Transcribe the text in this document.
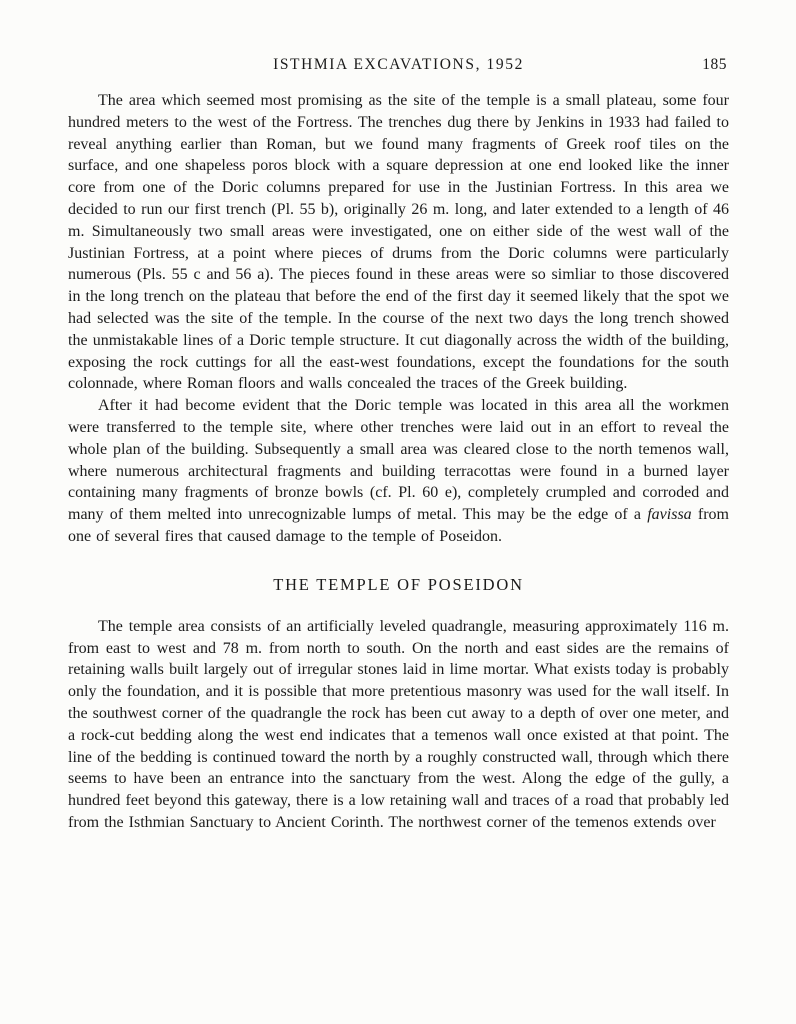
ISTHMIA EXCAVATIONS, 1952	185

The area which seemed most promising as the site of the temple is a small plateau, some four hundred meters to the west of the Fortress. The trenches dug there by Jenkins in 1933 had failed to reveal anything earlier than Roman, but we found many fragments of Greek roof tiles on the surface, and one shapeless poros block with a square depression at one end looked like the inner core from one of the Doric columns prepared for use in the Justinian Fortress. In this area we decided to run our first trench (Pl. 55 b), originally 26 m. long, and later extended to a length of 46 m. Simultaneously two small areas were investigated, one on either side of the west wall of the Justinian Fortress, at a point where pieces of drums from the Doric columns were particularly numerous (Pls. 55 c and 56 a). The pieces found in these areas were so simliar to those discovered in the long trench on the plateau that before the end of the first day it seemed likely that the spot we had selected was the site of the temple. In the course of the next two days the long trench showed the unmistakable lines of a Doric temple structure. It cut diagonally across the width of the building, exposing the rock cuttings for all the east-west foundations, except the foundations for the south colonnade, where Roman floors and walls concealed the traces of the Greek building.

After it had become evident that the Doric temple was located in this area all the workmen were transferred to the temple site, where other trenches were laid out in an effort to reveal the whole plan of the building. Subsequently a small area was cleared close to the north temenos wall, where numerous architectural fragments and building terracottas were found in a burned layer containing many fragments of bronze bowls (cf. Pl. 60 e), completely crumpled and corroded and many of them melted into unrecognizable lumps of metal. This may be the edge of a favissa from one of several fires that caused damage to the temple of Poseidon.

THE TEMPLE OF POSEIDON

The temple area consists of an artificially leveled quadrangle, measuring approximately 116 m. from east to west and 78 m. from north to south. On the north and east sides are the remains of retaining walls built largely out of irregular stones laid in lime mortar. What exists today is probably only the foundation, and it is possible that more pretentious masonry was used for the wall itself. In the southwest corner of the quadrangle the rock has been cut away to a depth of over one meter, and a rock-cut bedding along the west end indicates that a temenos wall once existed at that point. The line of the bedding is continued toward the north by a roughly constructed wall, through which there seems to have been an entrance into the sanctuary from the west. Along the edge of the gully, a hundred feet beyond this gateway, there is a low retaining wall and traces of a road that probably led from the Isthmian Sanctuary to Ancient Corinth. The northwest corner of the temenos extends over
